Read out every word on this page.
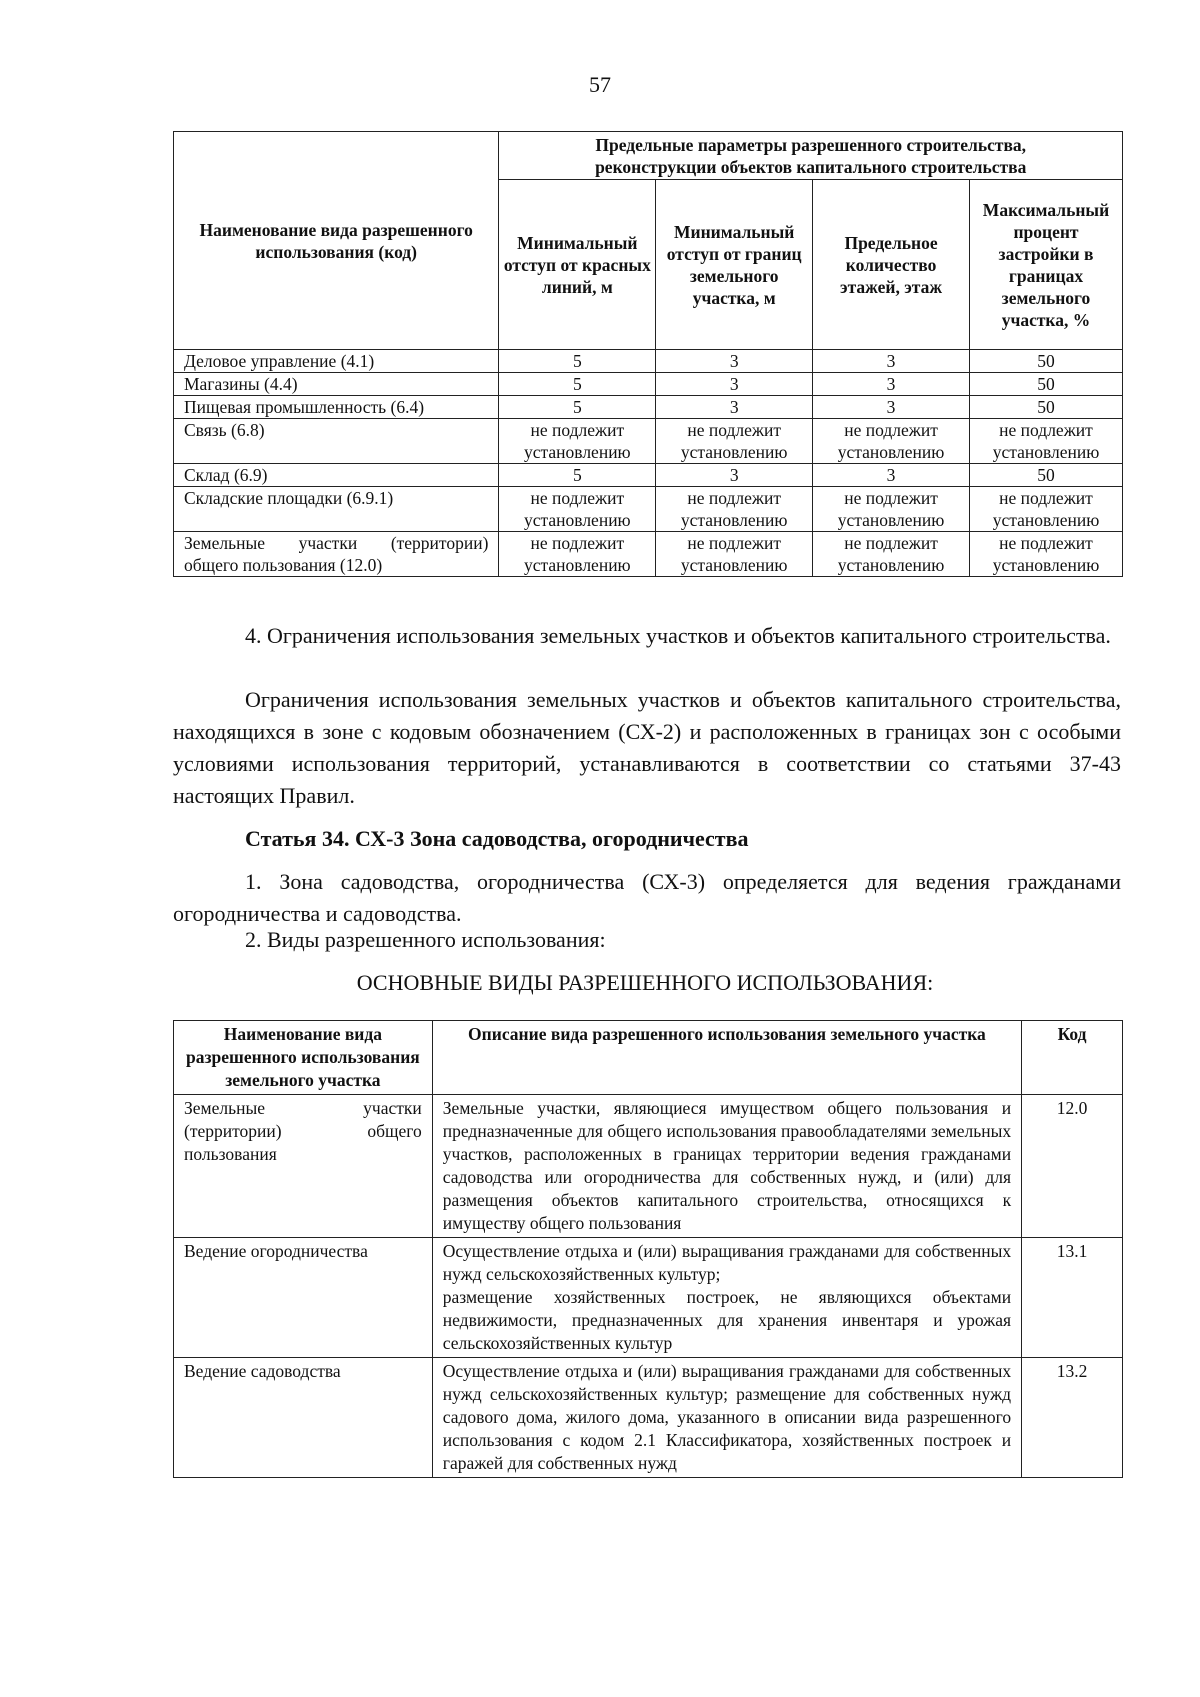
57
Наименование вида разрешенного использования (код)	Предельные параметры разрешенного строительства, реконструкции объектов капитального строительства			
	Минимальный отступ от красных линий, м	Минимальный отступ от границ земельного участка, м	Предельное количество этажей, этаж	Максимальный процент застройки в границах земельного участка, %
Деловое управление (4.1)	5	3	3	50
Магазины (4.4)	5	3	3	50
Пищевая промышленность (6.4)	5	3	3	50
Связь (6.8)	не подлежит установлению	не подлежит установлению	не подлежит установлению	не подлежит установлению
Склад (6.9)	5	3	3	50
Складские площадки (6.9.1)	не подлежит установлению	не подлежит установлению	не подлежит установлению	не подлежит установлению
Земельные участки (территории) общего пользования (12.0)	не подлежит установлению	не подлежит установлению	не подлежит установлению	не подлежит установлению
4. Ограничения использования земельных участков и объектов капитального строительства.
Ограничения использования земельных участков и объектов капитального строительства, находящихся в зоне с кодовым обозначением (СХ-2) и расположенных в границах зон с особыми условиями использования территорий, устанавливаются в соответствии со статьями 37-43 настоящих Правил.
Статья 34. СХ-3 Зона садоводства, огородничества
1. Зона садоводства, огородничества (СХ-3) определяется для ведения гражданами огородничества и садоводства.
2. Виды разрешенного использования:
ОСНОВНЫЕ ВИДЫ РАЗРЕШЕННОГО ИСПОЛЬЗОВАНИЯ:
Наименование вида разрешенного использования земельного участка	Описание вида разрешенного использования земельного участка	Код
Земельные участки (территории) общего пользования	Земельные участки, являющиеся имуществом общего пользования и предназначенные для общего использования правообладателями земельных участков, расположенных в границах территории ведения гражданами садоводства или огородничества для собственных нужд, и (или) для размещения объектов капитального строительства, относящихся к имуществу общего пользования	12.0
Ведение огородничества	Осуществление отдыха и (или) выращивания гражданами для собственных нужд сельскохозяйственных культур;
размещение хозяйственных построек, не являющихся объектами недвижимости, предназначенных для хранения инвентаря и урожая сельскохозяйственных культур	13.1
Ведение садоводства	Осуществление отдыха и (или) выращивания гражданами для собственных нужд сельскохозяйственных культур; размещение для собственных нужд садового дома, жилого дома, указанного в описании вида разрешенного использования с кодом 2.1 Классификатора, хозяйственных построек и гаражей для собственных нужд	13.2
